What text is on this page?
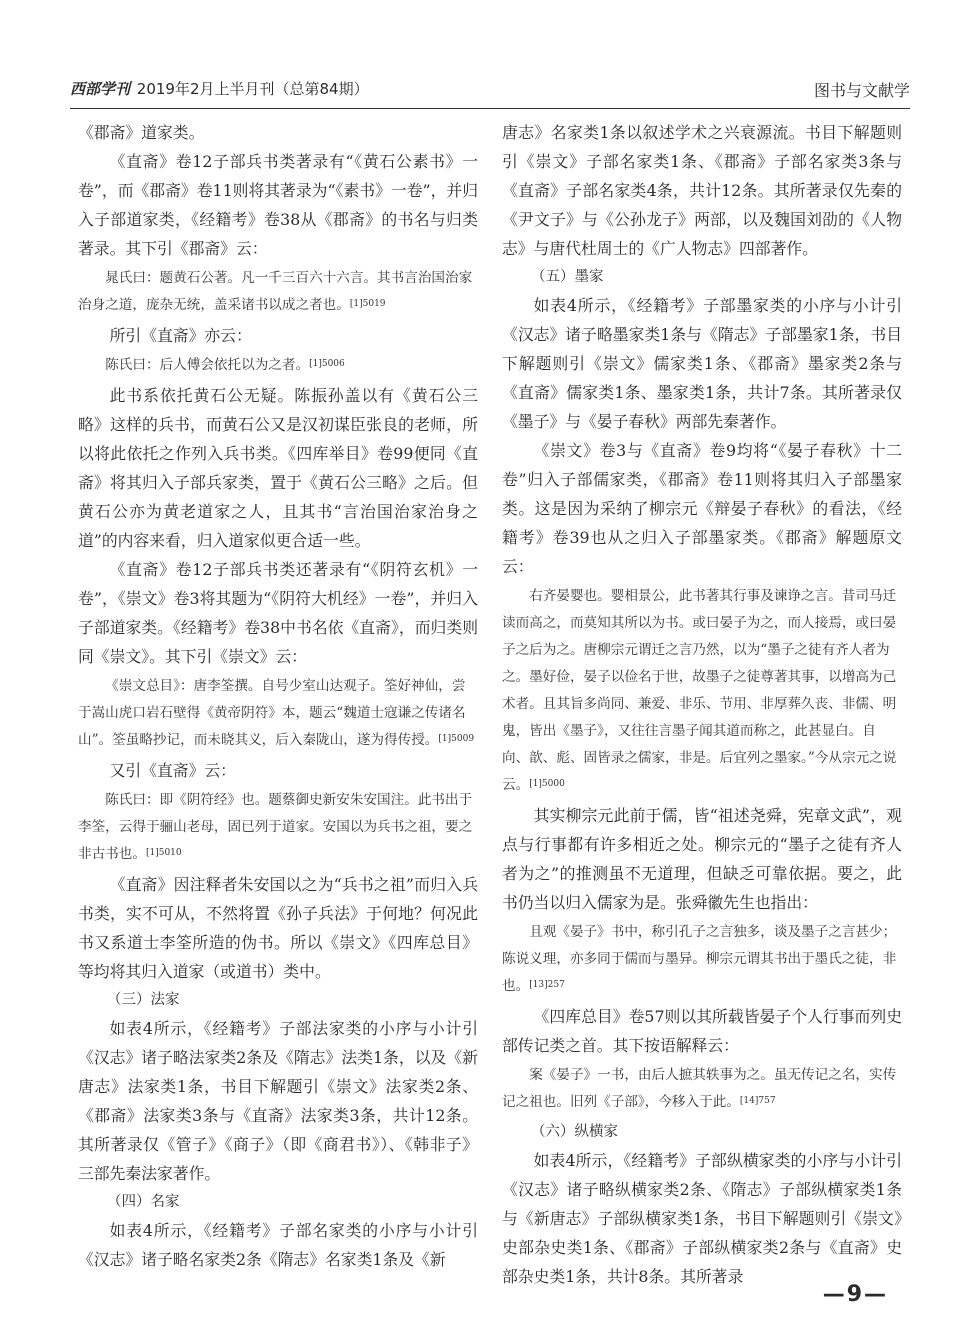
西部学刊 2019年2月上半月刊（总第84期）	图书与文献学

《郡斋》道家类。

《直斋》卷12子部兵书类著录有“《黄石公素书》一卷”，而《郡斋》卷11则将其著录为“《素书》一卷”，并归入子部道家类，《经籍考》卷38从《郡斋》的书名与归类著录。其下引《郡斋》云：

晁氏曰：题黄石公著。凡一千三百六十六言。其书言治国治家治身之道，庞杂无统，盖采诸书以成之者也。$^{[1]5019}$

所引《直斋》亦云：

陈氏曰：后人傅会依托以为之者。$^{[1]5006}$

此书系依托黄石公无疑。陈振孙盖以有《黄石公三略》这样的兵书，而黄石公又是汉初谋臣张良的老师，所以将此依托之作列入兵书类。《四库举目》卷99便同《直斋》将其归入子部兵家类，置于《黄石公三略》之后。但黄石公亦为黄老道家之人，且其书“言治国治家治身之道”的内容来看，归入道家似更合适一些。

《直斋》卷12子部兵书类还著录有“《阴符玄机》一卷”，《崇文》卷3将其题为“《阴符大机经》一卷”，并归入子部道家类。《经籍考》卷38中书名依《直斋》，而归类则同《崇文》。其下引《崇文》云：

《崇文总目》：唐李筌撰。自号少室山达观子。筌好神仙，尝于嵩山虎口岩石壁得《黄帝阴符》本，题云“魏道士寇谦之传诸名山”。筌虽略抄记，而未晓其义，后入秦陇山，遂为得传授。$^{[1]5009}$

又引《直斋》云：

陈氏曰：即《阴符经》也。题蔡御史新安朱安国注。此书出于李筌，云得于骊山老母，固已列于道家。安国以为兵书之祖，要之非古书也。$^{[1]5010}$

《直斋》因注释者朱安国以之为“兵书之祖”而归入兵书类，实不可从，不然将置《孙子兵法》于何地？何况此书又系道士李筌所造的伪书。所以《崇文》《四库总目》等均将其归入道家（或道书）类中。

（三）法家

如表4所示，《经籍考》子部法家类的小序与小计引《汉志》诸子略法家类2条及《隋志》法类1条，以及《新唐志》法家类1条，书目下解题引《崇文》法家类2条、《郡斋》法家类3条与《直斋》法家类3条，共计12条。其所著录仅《管子》《商子》（即《商君书》）、《韩非子》三部先秦法家著作。

（四）名家

如表4所示，《经籍考》子部名家类的小序与小计引《汉志》诸子略名家类2条《隋志》名家类1条及《新

唐志》名家类1条以叙述学术之兴衰源流。书目下解题则引《崇文》子部名家类1条、《郡斋》子部名家类3条与《直斋》子部名家类4条，共计12条。其所著录仅先秦的《尹文子》与《公孙龙子》两部，以及魏国刘劭的《人物志》与唐代杜周士的《广人物志》四部著作。

（五）墨家

如表4所示，《经籍考》子部墨家类的小序与小计引《汉志》诸子略墨家类1条与《隋志》子部墨家1条，书目下解题则引《崇文》儒家类1条、《郡斋》墨家类2条与《直斋》儒家类1条、墨家类1条，共计7条。其所著录仅《墨子》与《晏子春秋》两部先秦著作。

《崇文》卷3与《直斋》卷9均将“《晏子春秋》十二卷”归入子部儒家类，《郡斋》卷11则将其归入子部墨家类。这是因为采纳了柳宗元《辩晏子春秋》的看法，《经籍考》卷39也从之归入子部墨家类。《郡斋》解题原文云：

右齐晏婴也。婴相景公，此书著其行事及谏诤之言。昔司马迁读而高之，而莫知其所以为书。或曰晏子为之，而人接焉，或曰晏子之后为之。唐柳宗元谓迁之言乃然，以为“墨子之徒有齐人者为之。墨好俭，晏子以俭名于世，故墨子之徒尊著其事，以增高为己术者。且其旨多尚同、兼爱、非乐、节用、非厚葬久丧、非儒、明鬼，皆出《墨子》，又往往言墨子闻其道而称之，此甚显白。自向、歆、彪、固皆录之儒家，非是。后宜列之墨家。”今从宗元之说云。$^{[1]5000}$

其实柳宗元此前于儒，皆“祖述尧舜，宪章文武”，观点与行事都有许多相近之处。柳宗元的“墨子之徒有齐人者为之”的推测虽不无道理，但缺乏可靠依据。要之，此书仍当以归入儒家为是。张舜徽先生也指出：

且观《晏子》书中，称引孔子之言独多，谈及墨子之言甚少；陈说义理，亦多同于儒而与墨异。柳宗元谓其书出于墨氏之徒，非也。$^{[13]257}$

《四库总目》卷57则以其所载皆晏子个人行事而列史部传记类之首。其下按语解释云：

案《晏子》一书，由后人摭其轶事为之。虽无传记之名，实传记之祖也。旧列《子部》，今移入于此。$^{[14]757}$

（六）纵横家

如表4所示，《经籍考》子部纵横家类的小序与小计引《汉志》诸子略纵横家类2条、《隋志》子部纵横家类1条与《新唐志》子部纵横家类1条，书目下解题则引《崇文》史部杂史类1条、《郡斋》子部纵横家类2条与《直斋》史部杂史类1条，共计8条。其所著录

—9—
